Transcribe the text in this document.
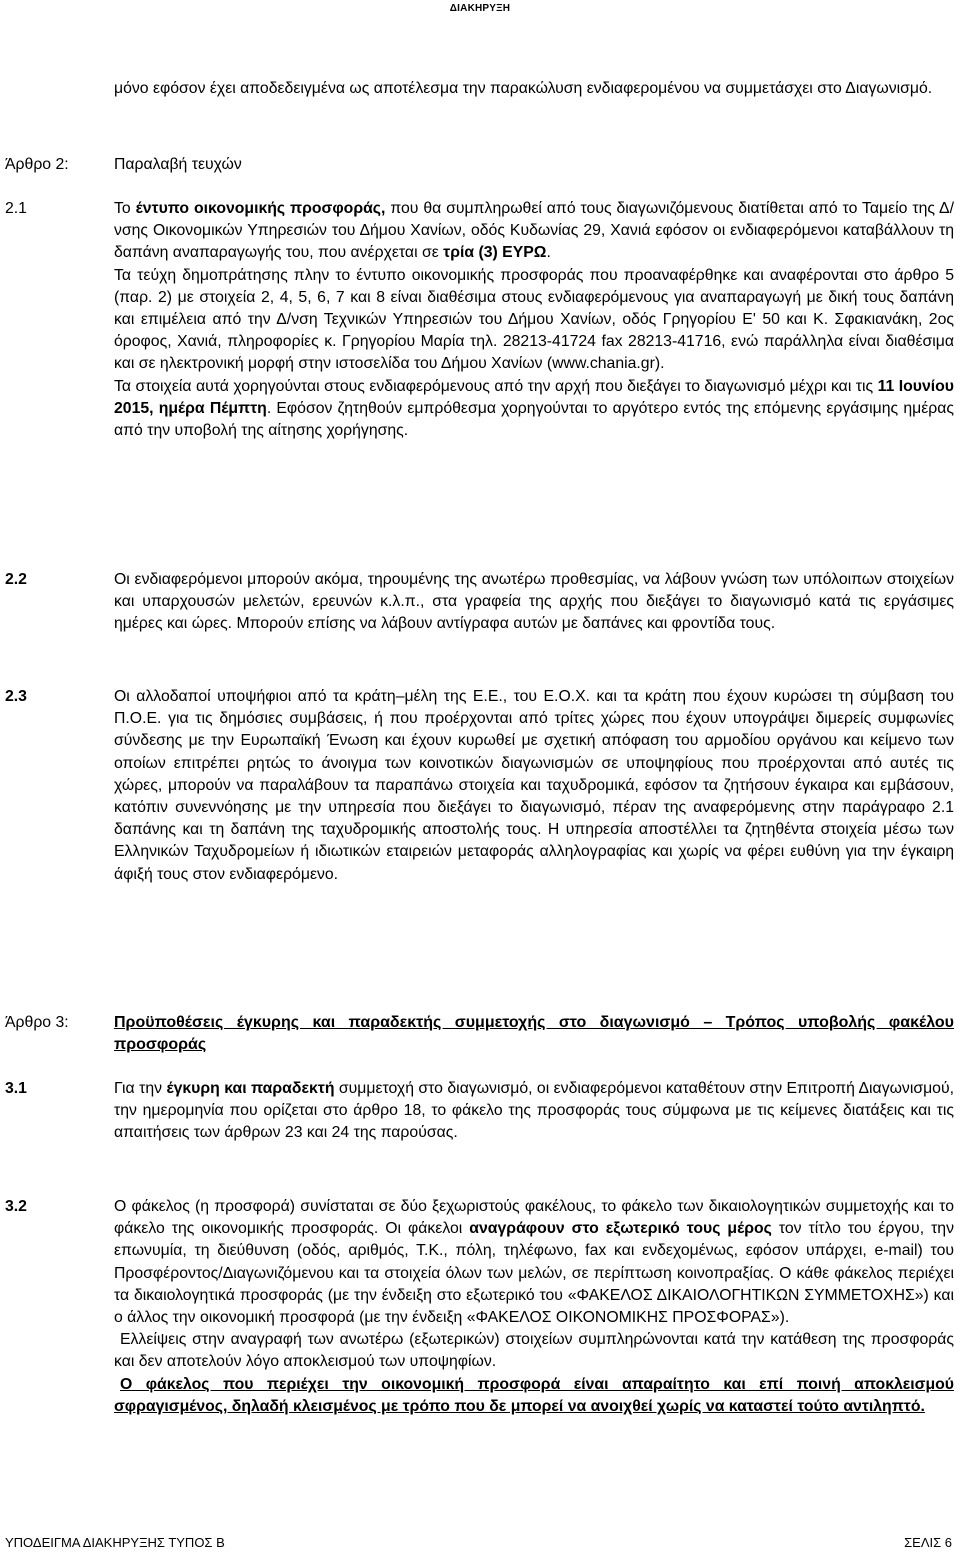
ΔΙΑΚΗΡΥΞΗ

μόνο εφόσον έχει αποδεδειγμένα ως αποτέλεσμα την παρακώλυση ενδιαφερομένου να συμμετάσχει στο Διαγωνισμό.

Άρθρο 2:	Παραλαβή τευχών
2.1	Το έντυπο οικονομικής προσφοράς, που θα συμπληρωθεί από τους διαγωνιζόμενους διατίθεται από το Ταμείο της Δ/νσης Οικονομικών Υπηρεσιών του Δήμου Χανίων, οδός Κυδωνίας 29, Χανιά εφόσον οι ενδιαφερόμενοι καταβάλλουν τη δαπάνη αναπαραγωγής του, που ανέρχεται σε τρία (3) ΕΥΡΩ.

Τα τεύχη δημοπράτησης πλην το έντυπο οικονομικής προσφοράς που προαναφέρθηκε και αναφέρονται στο άρθρο 5 (παρ. 2) με στοιχεία 2, 4, 5, 6, 7 και 8 είναι διαθέσιμα στους ενδιαφερόμενους για αναπαραγωγή με δική τους δαπάνη και επιμέλεια από την Δ/νση Τεχνικών Υπηρεσιών του Δήμου Χανίων, οδός Γρηγορίου Ε' 50 και Κ. Σφακιανάκη, 2ος όροφος, Χανιά, πληροφορίες κ. Γρηγορίου Μαρία τηλ. 28213-41724 fax 28213-41716, ενώ παράλληλα είναι διαθέσιμα και σε ηλεκτρονική μορφή στην ιστοσελίδα του Δήμου Χανίων (www.chania.gr).

Τα στοιχεία αυτά χορηγούνται στους ενδιαφερόμενους από την αρχή που διεξάγει το διαγωνισμό μέχρι και τις 11 Ιουνίου 2015, ημέρα Πέμπτη. Εφόσον ζητηθούν εμπρόθεσμα χορηγούνται το αργότερο εντός της επόμενης εργάσιμης ημέρας από την υποβολή της αίτησης χορήγησης.

2.2	Οι ενδιαφερόμενοι μπορούν ακόμα, τηρουμένης της ανωτέρω προθεσμίας, να λάβουν γνώση των υπόλοιπων στοιχείων και υπαρχουσών μελετών, ερευνών κ.λ.π., στα γραφεία της αρχής που διεξάγει το διαγωνισμό κατά τις εργάσιμες ημέρες και ώρες. Μπορούν επίσης να λάβουν αντίγραφα αυτών με δαπάνες και φροντίδα τους.

2.3	Οι αλλοδαποί υποψήφιοι από τα κράτη–μέλη της Ε.Ε., του Ε.Ο.Χ. και τα κράτη που έχουν κυρώσει τη σύμβαση του Π.Ο.Ε. για τις δημόσιες συμβάσεις, ή που προέρχονται από τρίτες χώρες που έχουν υπογράψει διμερείς συμφωνίες σύνδεσης με την Ευρωπαϊκή Ένωση και έχουν κυρωθεί με σχετική απόφαση του αρμοδίου οργάνου και κείμενο των οποίων επιτρέπει ρητώς το άνοιγμα των κοινοτικών διαγωνισμών σε υποψηφίους που προέρχονται από αυτές τις χώρες, μπορούν να παραλάβουν τα παραπάνω στοιχεία και ταχυδρομικά, εφόσον τα ζητήσουν έγκαιρα και εμβάσουν, κατόπιν συνεννόησης με την υπηρεσία που διεξάγει το διαγωνισμό, πέραν της αναφερόμενης στην παράγραφο 2.1 δαπάνης και τη δαπάνη της ταχυδρομικής αποστολής τους. Η υπηρεσία αποστέλλει τα ζητηθέντα στοιχεία μέσω των Ελληνικών Ταχυδρομείων ή ιδιωτικών εταιρειών μεταφοράς αλληλογραφίας και χωρίς να φέρει ευθύνη για την έγκαιρη άφιξή τους στον ενδιαφερόμενο.

Άρθρο 3:	Προϋποθέσεις έγκυρης και παραδεκτής συμμετοχής στο διαγωνισμό – Τρόπος υποβολής φακέλου προσφοράς
3.1	Για την έγκυρη και παραδεκτή συμμετοχή στο διαγωνισμό, οι ενδιαφερόμενοι καταθέτουν στην Επιτροπή Διαγωνισμού, την ημερομηνία που ορίζεται στο άρθρο 18, το φάκελο της προσφοράς τους σύμφωνα με τις κείμενες διατάξεις και τις απαιτήσεις των άρθρων 23 και 24 της παρούσας.

3.2	Ο φάκελος (η προσφορά) συνίσταται σε δύο ξεχωριστούς φακέλους, το φάκελο των δικαιολογητικών συμμετοχής και το φάκελο της οικονομικής προσφοράς. Οι φάκελοι αναγράφουν στο εξωτερικό τους μέρος τον τίτλο του έργου, την επωνυμία, τη διεύθυνση (οδός, αριθμός, Τ.Κ., πόλη, τηλέφωνο, fax και ενδεχομένως, εφόσον υπάρχει, e-mail) του Προσφέροντος/Διαγωνιζόμενου και τα στοιχεία όλων των μελών, σε περίπτωση κοινοπραξίας. Ο κάθε φάκελος περιέχει τα δικαιολογητικά προσφοράς (με την ένδειξη στο εξωτερικό του «ΦΑΚΕΛΟΣ ΔΙΚΑΙΟΛΟΓΗΤΙΚΩΝ ΣΥΜΜΕΤΟΧΗΣ») και ο άλλος την οικονομική προσφορά (με την ένδειξη «ΦΑΚΕΛΟΣ ΟΙΚΟΝΟΜΙΚΗΣ ΠΡΟΣΦΟΡΑΣ»).

Ελλείψεις στην αναγραφή των ανωτέρω (εξωτερικών) στοιχείων συμπληρώνονται κατά την κατάθεση της προσφοράς και δεν αποτελούν λόγο αποκλεισμού των υποψηφίων.

Ο φάκελος που περιέχει την οικονομική προσφορά είναι απαραίτητο και επί ποινή αποκλεισμού σφραγισμένος, δηλαδή κλεισμένος με τρόπο που δε μπορεί να ανοιχθεί χωρίς να καταστεί τούτο αντιληπτό.

ΥΠΟΔΕΙΓΜΑ ΔΙΑΚΗΡΥΞΗΣ ΤΥΠΟΣ Β	ΣΕΛΙΣ 6
